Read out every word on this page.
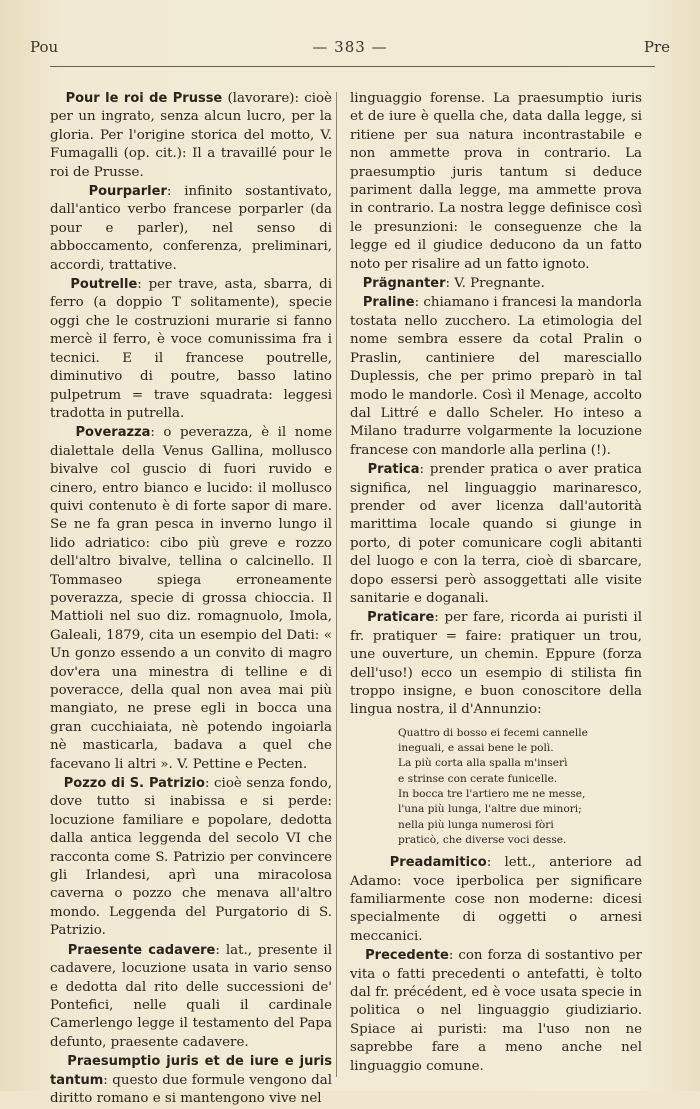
Pou	— 383 —	Pre

Pour le roi de Prusse (lavorare): cioè per un ingrato, senza alcun lucro, per la gloria. Per l'origine storica del motto, V. Fumagalli (op. cit.): Il a travaillé pour le roi de Prusse.

Pourparler: infinito sostantivato, dall'antico verbo francese porparler (da pour e parler), nel senso di abboccamento, conferenza, preliminari, accordi, trattative.

Poutrelle: per trave, asta, sbarra, di ferro (a doppio T solitamente), specie oggi che le costruzioni murarie si fanno mercè il ferro, è voce comunissima fra i tecnici. E il francese poutrelle, diminutivo di poutre, basso latino pulpetrum = trave squadrata: leggesi tradotta in putrella.

Poverazza: o peverazza, è il nome dialettale della Venus Gallina, mollusco bivalve col guscio di fuori ruvido e cinero, entro bianco e lucido: il mollusco quivi contenuto è di forte sapor di mare. Se ne fa gran pesca in inverno lungo il lido adriatico: cibo più greve e rozzo dell'altro bivalve, tellina o calcinello. Il Tommaseo spiega erroneamente poverazza, specie di grossa chioccia. Il Mattioli nel suo diz. romagnuolo, Imola, Galeali, 1879, cita un esempio del Dati: « Un gonzo essendo a un convito di magro dov'era una minestra di telline e di poveracce, della qual non avea mai più mangiato, ne prese egli in bocca una gran cucchiaiata, nè potendo ingoiarla nè masticarla, badava a quel che facevano li altri ». V. Pettine e Pecten.

Pozzo di S. Patrizio: cioè senza fondo, dove tutto si inabissa e si perde: locuzione familiare e popolare, dedotta dalla antica leggenda del secolo VI che racconta come S. Patrizio per convincere gli Irlandesi, aprì una miracolosa caverna o pozzo che menava all'altro mondo. Leggenda del Purgatorio di S. Patrizio.

Praesente cadavere: lat., presente il cadavere, locuzione usata in vario senso e dedotta dal rito delle successioni de' Pontefici, nelle quali il cardinale Camerlengo legge il testamento del Papa defunto, praesente cadavere.

Praesumptio juris et de iure e juris tantum: questo due formule vengono dal diritto romano e si mantengono vive nel

linguaggio forense. La praesumptio iuris et de iure è quella che, data dalla legge, si ritiene per sua natura incontrastabile e non ammette prova in contrario. La praesumptio juris tantum si deduce pariment dalla legge, ma ammette prova in contrario. La nostra legge definisce così le presunzioni: le conseguenze che la legge ed il giudice deducono da un fatto noto per risalire ad un fatto ignoto.

Prägnanter: V. Pregnante.

Praline: chiamano i francesi la mandorla tostata nello zucchero. La etimologia del nome sembra essere da cotal Pralin o Praslin, cantiniere del maresciallo Duplessis, che per primo preparò in tal modo le mandorle. Così il Menage, accolto dal Littré e dallo Scheler. Ho inteso a Milano tradurre volgarmente la locuzione francese con mandorle alla perlina (!).

Pratica: prender pratica o aver pratica significa, nel linguaggio marinaresco, prender od aver licenza dall'autorità marittima locale quando si giunge in porto, di poter comunicare cogli abitanti del luogo e con la terra, cioè di sbarcare, dopo essersi però assoggettati alle visite sanitarie e doganali.

Praticare: per fare, ricorda ai puristi il fr. pratiquer = faire: pratiquer un trou, une ouverture, un chemin. Eppure (forza dell'uso!) ecco un esempio di stilista fin troppo insigne, e buon conoscitore della lingua nostra, il d'Annunzio:

Quattro di bosso ei fecemi cannelle
ineguali, e assai bene le polì.
La più corta alla spalla m'inserì
e strinse con cerate funicelle.
In bocca tre l'artiero me ne messe,
l'una più lunga, l'altre due minori;
nella più lunga numerosi fòri
praticò, che diverse voci desse.

Preadamitico: lett., anteriore ad Adamo: voce iperbolica per significare familiarmente cose non moderne: dicesi specialmente di oggetti o arnesi meccanici.

Precedente: con forza di sostantivo per vita o fatti precedenti o antefatti, è tolto dal fr. précédent, ed è voce usata specie in politica o nel linguaggio giudiziario. Spiace ai puristi: ma l'uso non ne saprebbe fare a meno anche nel linguaggio comune.
